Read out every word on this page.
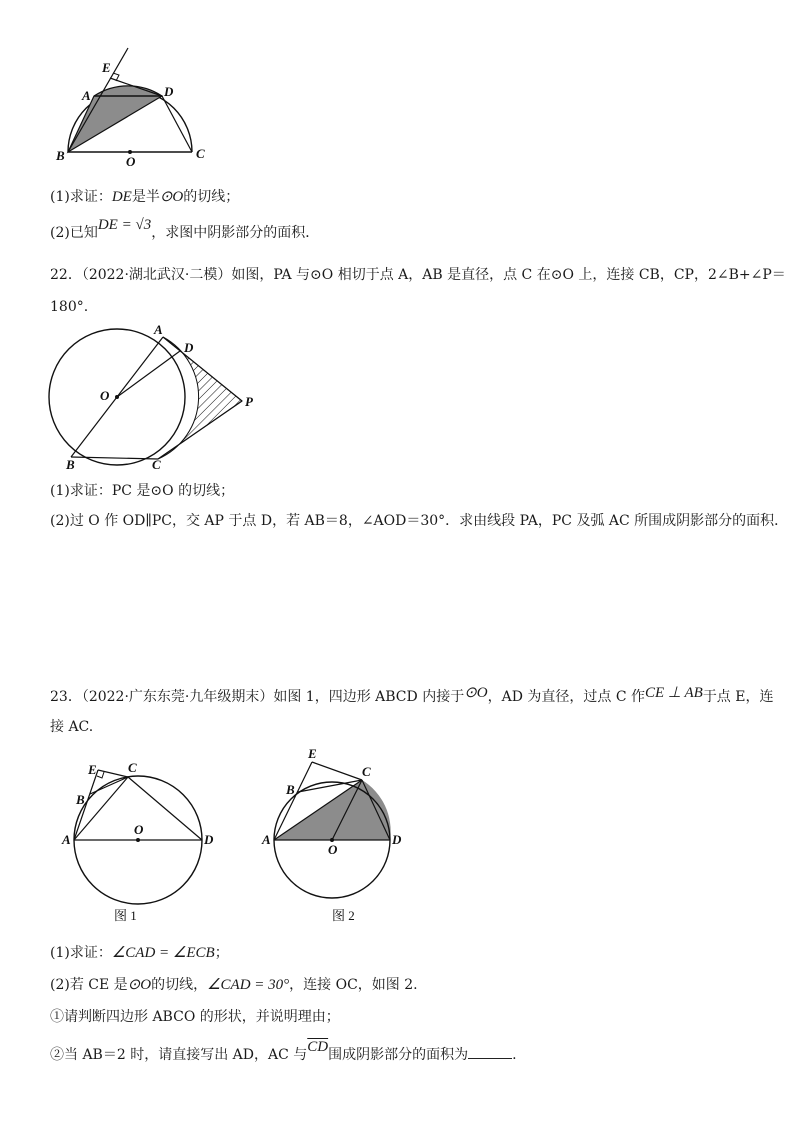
E
A	D
B	O
C
(1)求证：DE是半⊙O的切线；
(2)已知DE = √3，求图中阴影部分的面积．
22．（2022·湖北武汉·二模）如图，PA 与⊙O 相切于点 A，AB 是直径，点 C 在⊙O 上，连接 CB，CP，2∠B+∠P＝
180°.
A
D
O	P
B	C
(1)求证：PC 是⊙O 的切线；
(2)过 O 作 OD∥PC，交 AP 于点 D，若 AB＝8，∠AOD＝30°．求由线段 PA，PC 及弧 AC 所围成阴影部分的面积．
23．（2022·广东东莞·九年级期末）如图 1，四边形 ABCD 内接于⊙O，AD 为直径，过点 C 作CE ⊥ AB于点 E，连
接 AC.
E C
B
A
O
D
图 1
E
C
B
A
O
D
图 2
(1)求证：∠CAD = ∠ECB；
(2)若 CE 是⊙O的切线，∠CAD = 30°，连接 OC，如图 2.
①请判断四边形 ABCO 的形状，并说明理由；
②当 AB＝2 时，请直接写出 AD，AC 与$\overline{CD}$围成阴影部分的面积为	.
